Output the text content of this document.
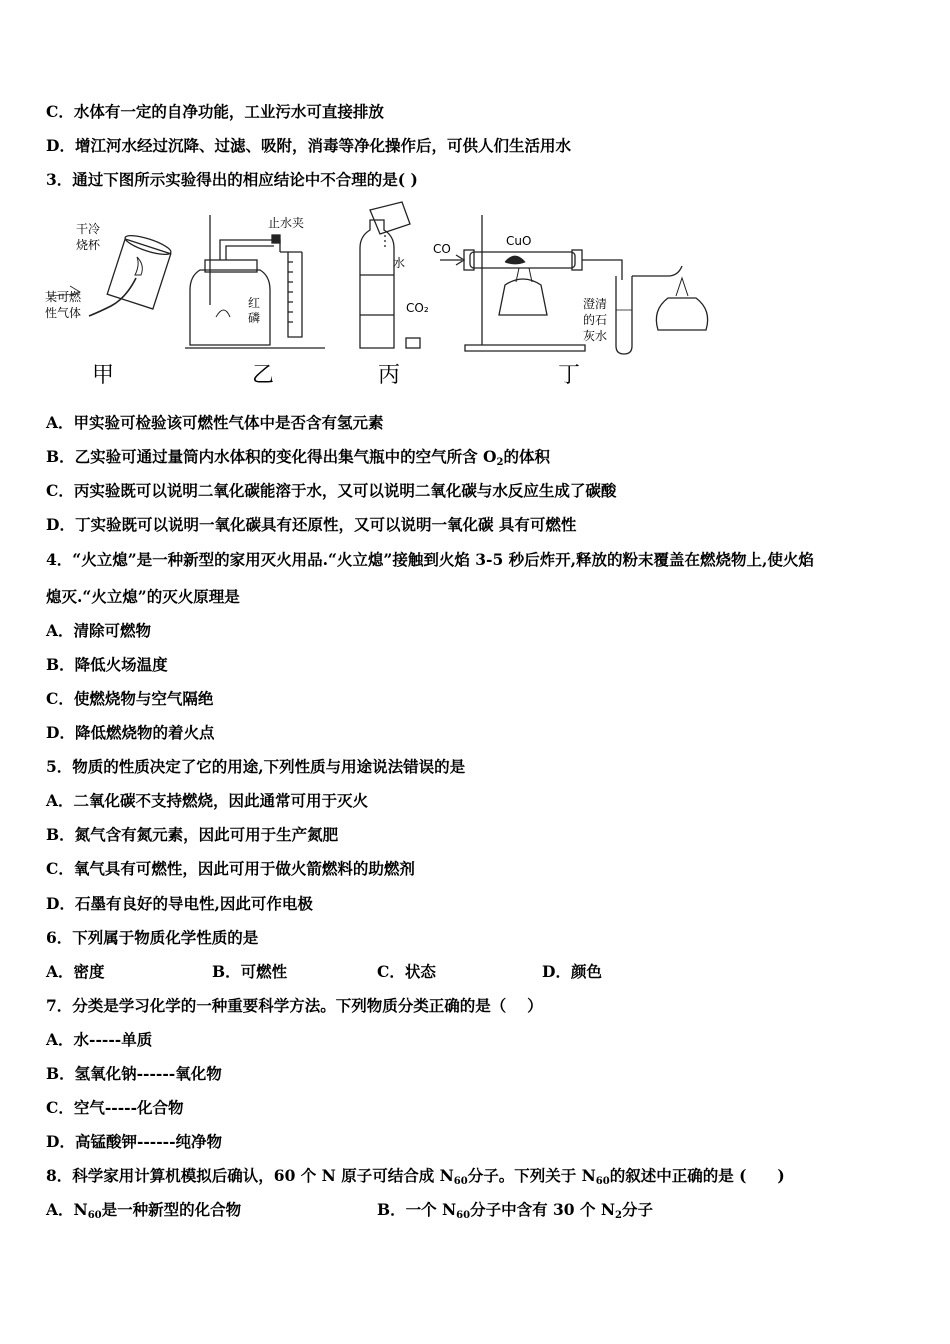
C．水体有一定的自净功能，工业污水可直接排放
D．增江河水经过沉降、过滤、吸附，消毒等净化操作后，可供人们生活用水
3．通过下图所示实验得出的相应结论中不合理的是( )
干冷
烧杯
某可燃
性气体
止水夹
红
磷
水
CO₂
CO
CuO
澄清
的石
灰水
甲	乙	丙	丁
A．甲实验可检验该可燃性气体中是否含有氢元素
B．乙实验可通过量筒内水体积的变化得出集气瓶中的空气所含 $O_2$的体积
C．丙实验既可以说明二氧化碳能溶于水，又可以说明二氧化碳与水反应生成了碳酸
D．丁实验既可以说明一氧化碳具有还原性，又可以说明一氧化碳 具有可燃性
4．“火立熄”是一种新型的家用灭火用品.“火立熄”接触到火焰 3-5 秒后炸开,释放的粉末覆盖在燃烧物上,使火焰
熄灭.“火立熄”的灭火原理是
A．清除可燃物
B．降低火场温度
C．使燃烧物与空气隔绝
D．降低燃烧物的着火点
5．物质的性质决定了它的用途,下列性质与用途说法错误的是
A．二氧化碳不支持燃烧，因此通常可用于灭火
B．氮气含有氮元素，因此可用于生产氮肥
C．氧气具有可燃性，因此可用于做火箭燃料的助燃剂
D．石墨有良好的导电性,因此可作电极
6．下列属于物质化学性质的是
A．密度	B．可燃性	C．状态	D．颜色
7．分类是学习化学的一种重要科学方法。下列物质分类正确的是（　 ）
A．水-----单质
B．氢氧化钠------氧化物
C．空气-----化合物
D．高锰酸钾------纯净物
8．科学家用计算机模拟后确认，60 个 N 原子可结合成 $N_{60}$分子。下列关于 $N_{60}$的叙述中正确的是 (　　)
A．$N_{60}$是一种新型的化合物	B．一个 $N_{60}$分子中含有 30 个 $N_2$分子
